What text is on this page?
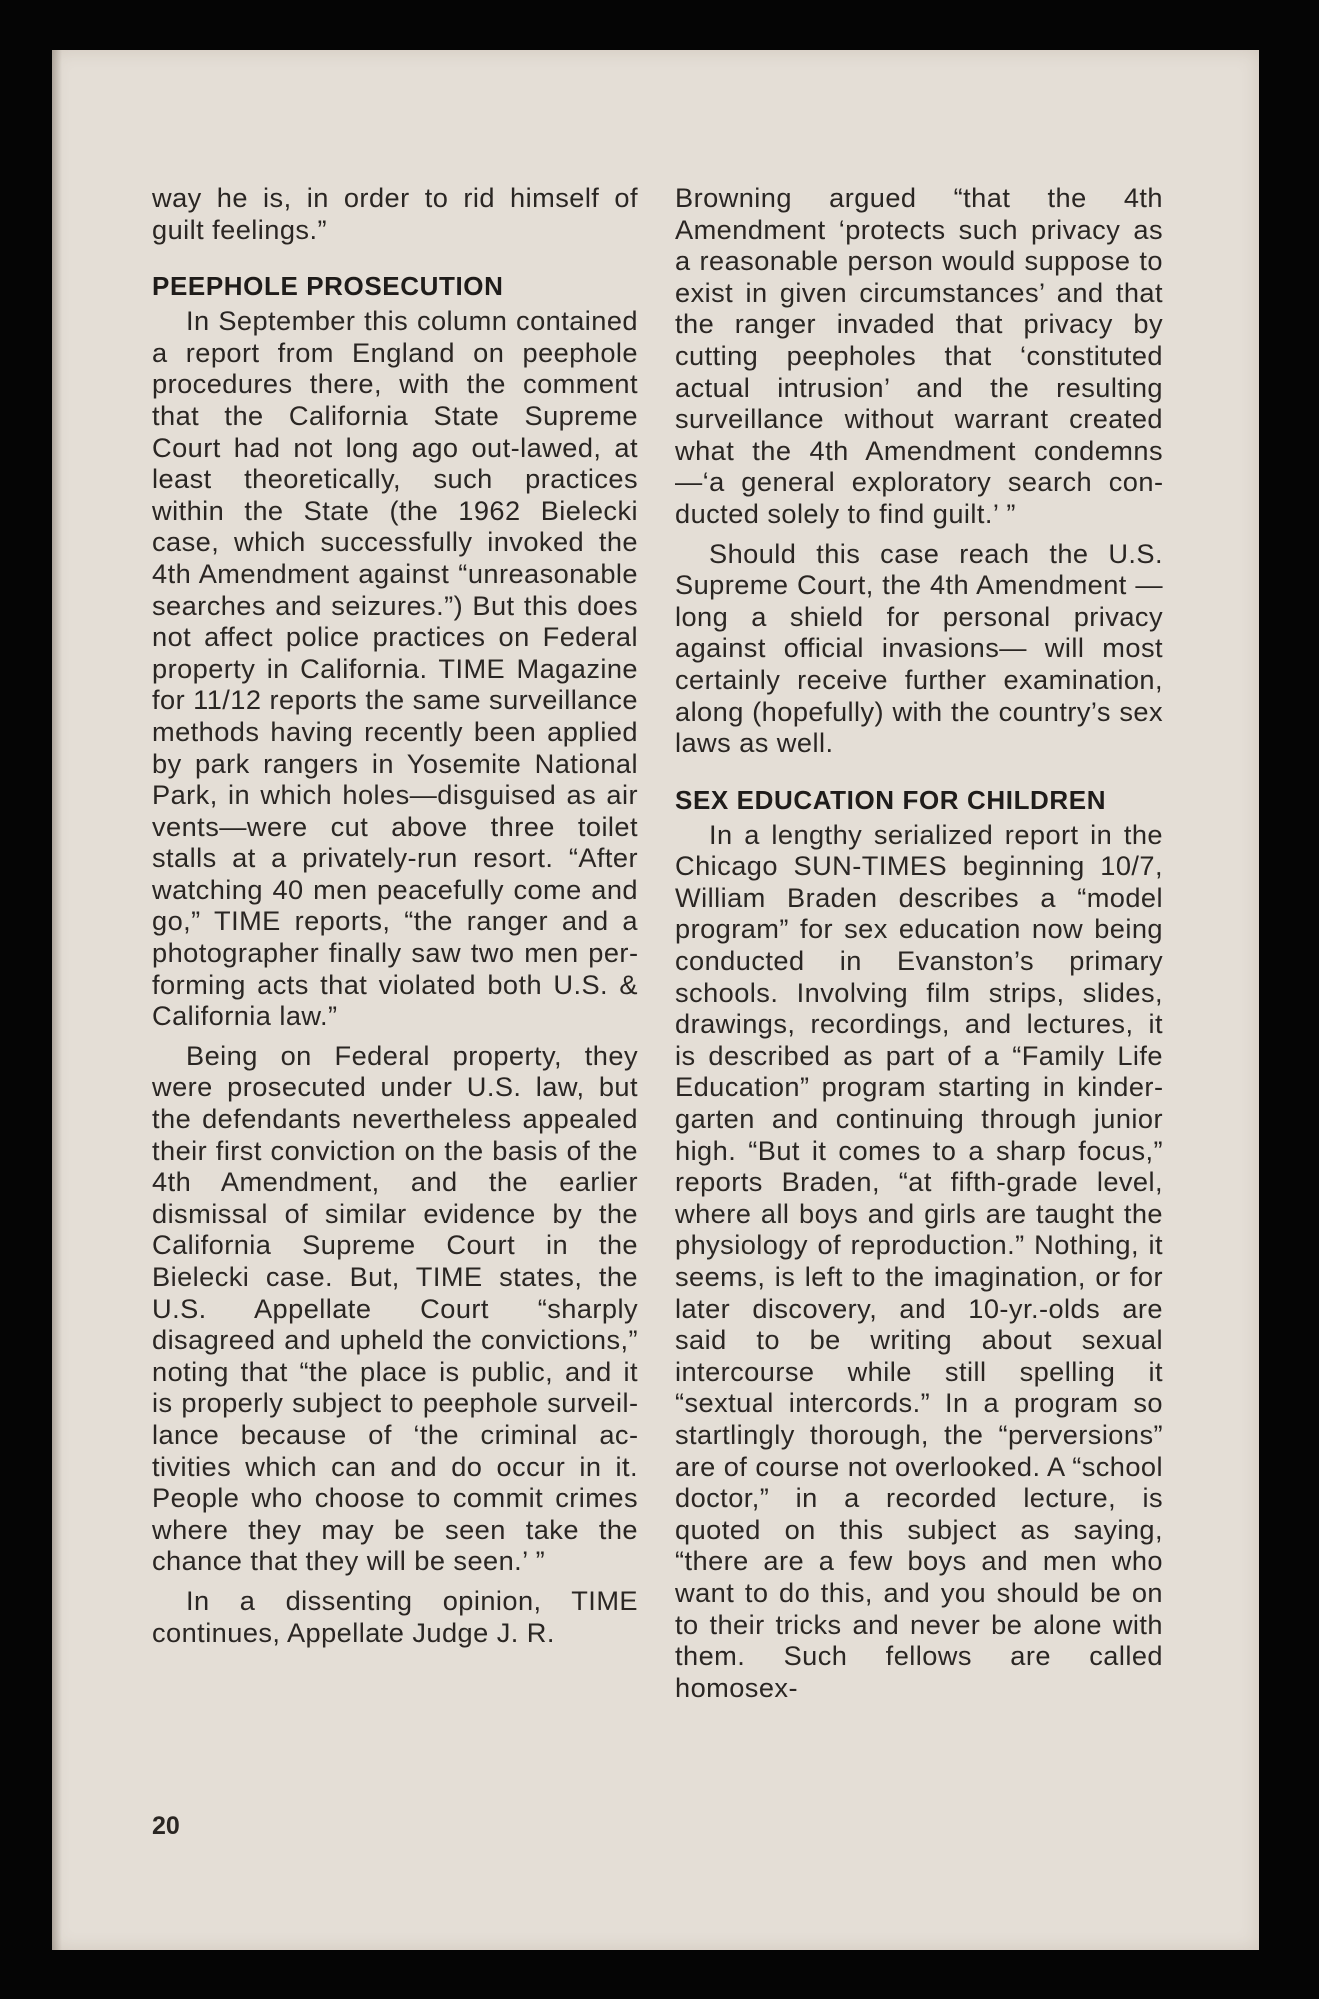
way he is, in order to rid himself of guilt feelings.”

PEEPHOLE PROSECUTION

In September this column contained a report from England on peephole procedures there, with the comment that the California State Supreme Court had not long ago out-lawed, at least theoretically, such practices within the State (the 1962 Bielecki case, which successfully invoked the 4th Amendment against “unreasonable searches and seizures.”) But this does not affect police practices on Federal property in California. TIME Magazine for 11/12 reports the same surveillance methods having recently been applied by park rangers in Yosemite National Park, in which holes—disguised as air vents—were cut above three toilet stalls at a privately-run resort. “After watching 40 men peacefully come and go,” TIME reports, “the ranger and a photographer finally saw two men performing acts that violated both U.S. & California law.”

Being on Federal property, they were prosecuted under U.S. law, but the defendants nevertheless appealed their first conviction on the basis of the 4th Amendment, and the earlier dismissal of similar evidence by the California Supreme Court in the Bielecki case. But, TIME states, the U.S. Appellate Court “sharply disagreed and upheld the convictions,” noting that “the place is public, and it is properly subject to peephole surveillance because of ‘the criminal activities which can and do occur in it. People who choose to commit crimes where they may be seen take the chance that they will be seen.’ ”

In a dissenting opinion, TIME continues, Appellate Judge J. R.

Browning argued “that the 4th Amendment ‘protects such privacy as a reasonable person would suppose to exist in given circumstances’ and that the ranger invaded that privacy by cutting peepholes that ‘constituted actual intrusion’ and the resulting surveillance without warrant created what the 4th Amendment condemns—‘a general exploratory search conducted solely to find guilt.’ ”

Should this case reach the U.S. Supreme Court, the 4th Amendment —long a shield for personal privacy against official invasions— will most certainly receive further examination, along (hopefully) with the country’s sex laws as well.

SEX EDUCATION FOR CHILDREN

In a lengthy serialized report in the Chicago SUN-TIMES beginning 10/7, William Braden describes a “model program” for sex education now being conducted in Evanston’s primary schools. Involving film strips, slides, drawings, recordings, and lectures, it is described as part of a “Family Life Education” program starting in kindergarten and continuing through junior high. “But it comes to a sharp focus,” reports Braden, “at fifth-grade level, where all boys and girls are taught the physiology of reproduction.” Nothing, it seems, is left to the imagination, or for later discovery, and 10-yr.-olds are said to be writing about sexual intercourse while still spelling it “sextual intercords.” In a program so startlingly thorough, the “perversions” are of course not overlooked. A “school doctor,” in a recorded lecture, is quoted on this subject as saying, “there are a few boys and men who want to do this, and you should be on to their tricks and never be alone with them. Such fellows are called homosex-

20
